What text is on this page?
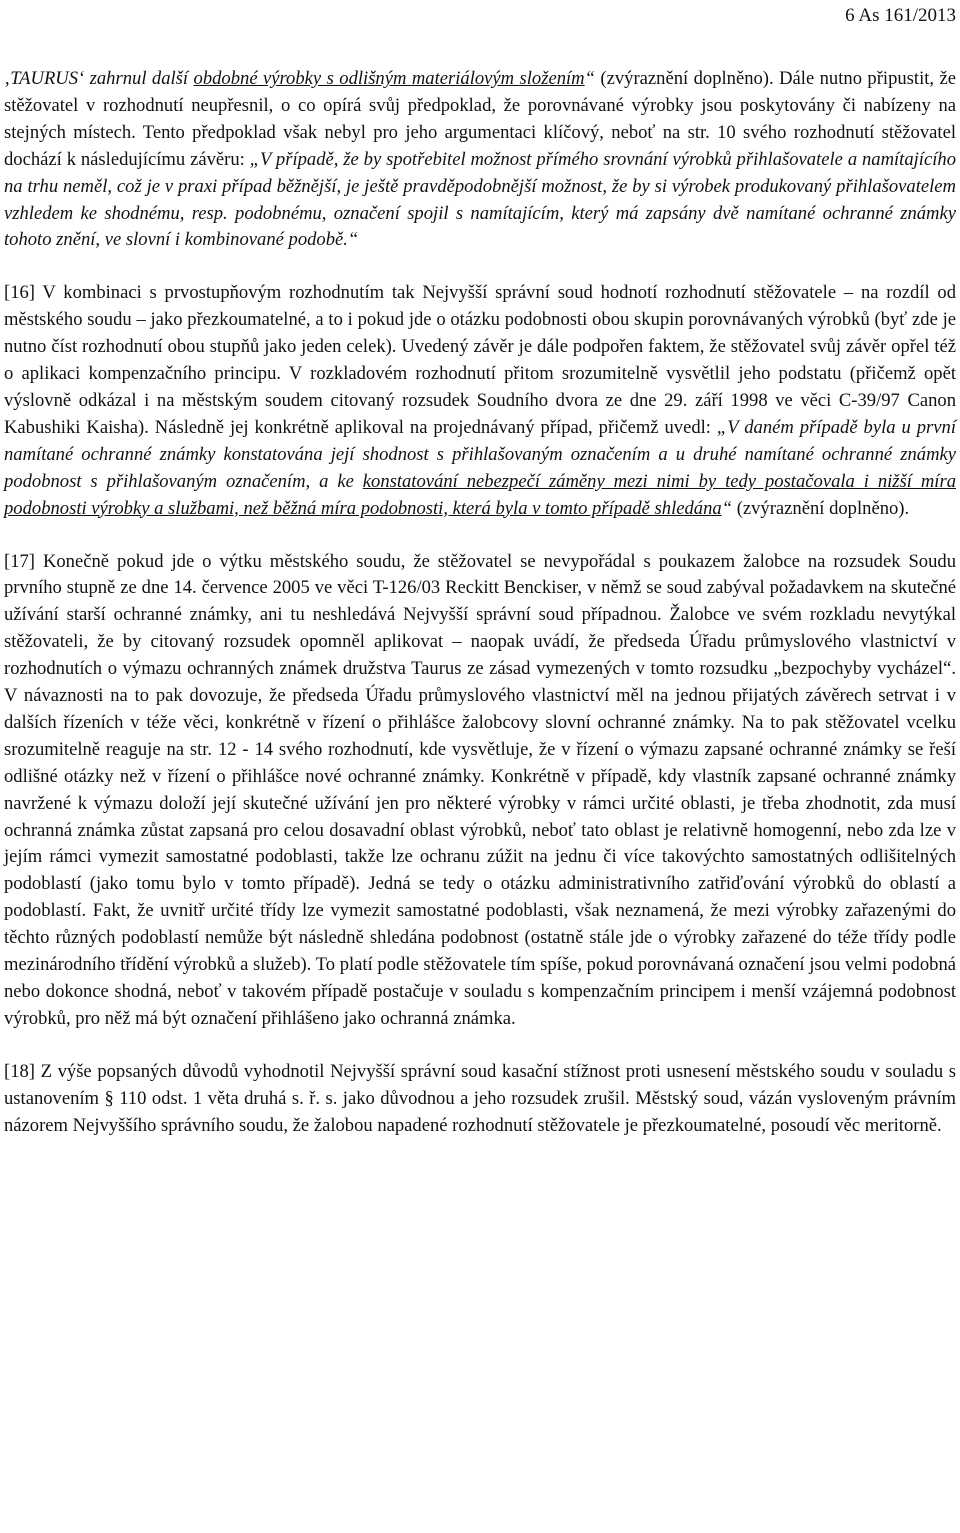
6 As 161/2013

‚TAURUS‘ zahrnul další obdobné výrobky s odlišným materiálovým složením“ (zvýraznění doplněno). Dále nutno připustit, že stěžovatel v rozhodnutí neupřesnil, o co opírá svůj předpoklad, že porovnávané výrobky jsou poskytovány či nabízeny na stejných místech. Tento předpoklad však nebyl pro jeho argumentaci klíčový, neboť na str. 10 svého rozhodnutí stěžovatel dochází k následujícímu závěru: „V případě, že by spotřebitel možnost přímého srovnání výrobků přihlašovatele a namítajícího na trhu neměl, což je v praxi případ běžnější, je ještě pravděpodobnější možnost, že by si výrobek produkovaný přihlašovatelem vzhledem ke shodnému, resp. podobnému, označení spojil s namítajícím, který má zapsány dvě namítané ochranné známky tohoto znění, ve slovní i kombinované podobě.“

[16] V kombinaci s prvostupňovým rozhodnutím tak Nejvyšší správní soud hodnotí rozhodnutí stěžovatele – na rozdíl od městského soudu – jako přezkoumatelné, a to i pokud jde o otázku podobnosti obou skupin porovnávaných výrobků (byť zde je nutno číst rozhodnutí obou stupňů jako jeden celek). Uvedený závěr je dále podpořen faktem, že stěžovatel svůj závěr opřel též o aplikaci kompenzačního principu. V rozkladovém rozhodnutí přitom srozumitelně vysvětlil jeho podstatu (přičemž opět výslovně odkázal i na městským soudem citovaný rozsudek Soudního dvora ze dne 29. září 1998 ve věci C-39/97 Canon Kabushiki Kaisha). Následně jej konkrétně aplikoval na projednávaný případ, přičemž uvedl: „V daném případě byla u první namítané ochranné známky konstatována její shodnost s přihlašovaným označením a u druhé namítané ochranné známky podobnost s přihlašovaným označením, a ke konstatování nebezpečí záměny mezi nimi by tedy postačovala i nižší míra podobnosti výrobky a službami, než běžná míra podobnosti, která byla v tomto případě shledána“ (zvýraznění doplněno).

[17] Konečně pokud jde o výtku městského soudu, že stěžovatel se nevypořádal s poukazem žalobce na rozsudek Soudu prvního stupně ze dne 14. července 2005 ve věci T-126/03 Reckitt Benckiser, v němž se soud zabýval požadavkem na skutečné užívání starší ochranné známky, ani tu neshledává Nejvyšší správní soud případnou. Žalobce ve svém rozkladu nevytýkal stěžovateli, že by citovaný rozsudek opomněl aplikovat – naopak uvádí, že předseda Úřadu průmyslového vlastnictví v rozhodnutích o výmazu ochranných známek družstva Taurus ze zásad vymezených v tomto rozsudku „bezpochyby vycházel“. V návaznosti na to pak dovozuje, že předseda Úřadu průmyslového vlastnictví měl na jednou přijatých závěrech setrvat i v dalších řízeních v téže věci, konkrétně v řízení o přihlášce žalobcovy slovní ochranné známky. Na to pak stěžovatel vcelku srozumitelně reaguje na str. 12 - 14 svého rozhodnutí, kde vysvětluje, že v řízení o výmazu zapsané ochranné známky se řeší odlišné otázky než v řízení o přihlášce nové ochranné známky. Konkrétně v případě, kdy vlastník zapsané ochranné známky navržené k výmazu doloží její skutečné užívání jen pro některé výrobky v rámci určité oblasti, je třeba zhodnotit, zda musí ochranná známka zůstat zapsaná pro celou dosavadní oblast výrobků, neboť tato oblast je relativně homogenní, nebo zda lze v jejím rámci vymezit samostatné podoblasti, takže lze ochranu zúžit na jednu či více takovýchto samostatných odlišitelných podoblastí (jako tomu bylo v tomto případě). Jedná se tedy o otázku administrativního zatřiďování výrobků do oblastí a podoblastí. Fakt, že uvnitř určité třídy lze vymezit samostatné podoblasti, však neznamená, že mezi výrobky zařazenými do těchto různých podoblastí nemůže být následně shledána podobnost (ostatně stále jde o výrobky zařazené do téže třídy podle mezinárodního třídění výrobků a služeb). To platí podle stěžovatele tím spíše, pokud porovnávaná označení jsou velmi podobná nebo dokonce shodná, neboť v takovém případě postačuje v souladu s kompenzačním principem i menší vzájemná podobnost výrobků, pro něž má být označení přihlášeno jako ochranná známka.

[18] Z výše popsaných důvodů vyhodnotil Nejvyšší správní soud kasační stížnost proti usnesení městského soudu v souladu s ustanovením § 110 odst. 1 věta druhá s. ř. s. jako důvodnou a jeho rozsudek zrušil. Městský soud, vázán vysloveným právním názorem Nejvyššího správního soudu, že žalobou napadené rozhodnutí stěžovatele je přezkoumatelné, posoudí věc meritorně.
